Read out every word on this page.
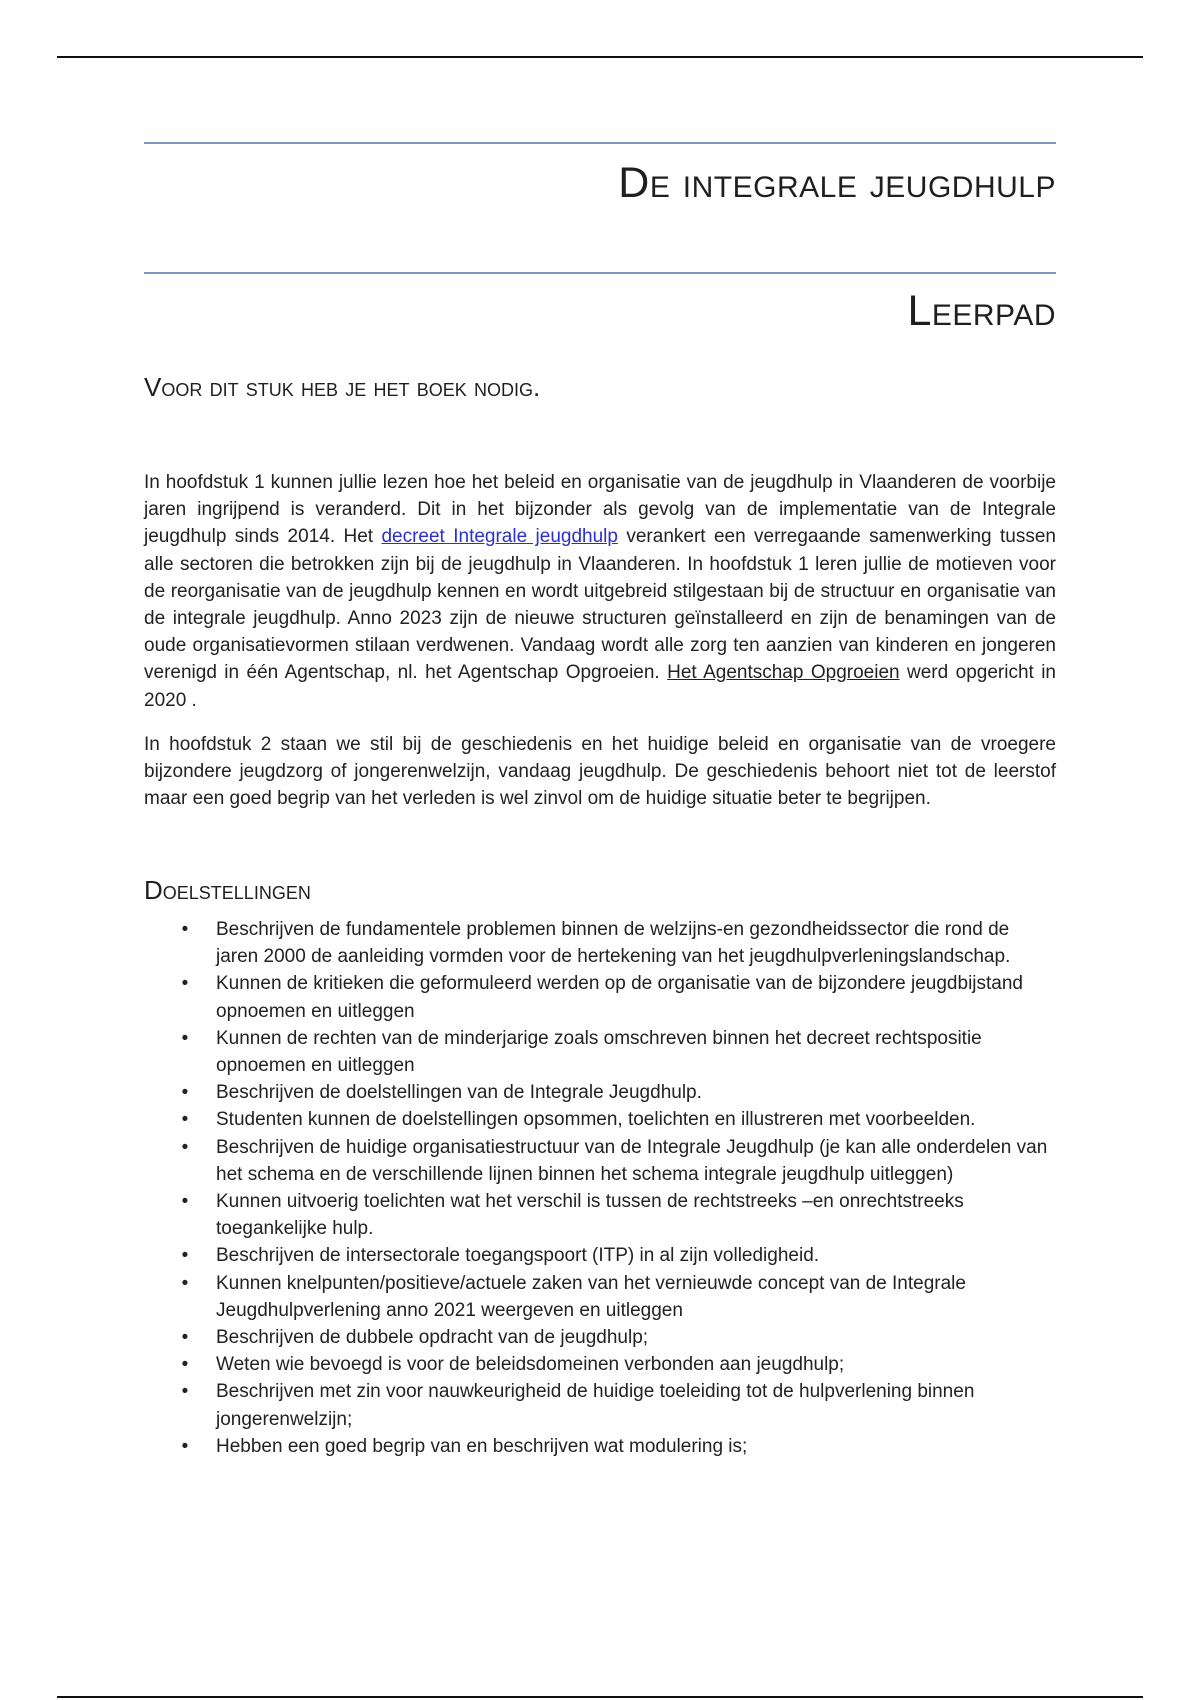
De integrale jeugdhulp
Leerpad
Voor dit stuk heb je het boek nodig.

In hoofdstuk 1 kunnen jullie lezen hoe het beleid en organisatie van de jeugdhulp in Vlaanderen de voorbije jaren ingrijpend is veranderd. Dit in het bijzonder als gevolg van de implementatie van de Integrale jeugdhulp sinds 2014. Het decreet Integrale jeugdhulp verankert een verregaande samenwerking tussen alle sectoren die betrokken zijn bij de jeugdhulp in Vlaanderen. In hoofdstuk 1 leren jullie de motieven voor de reorganisatie van de jeugdhulp kennen en wordt uitgebreid stilgestaan bij de structuur en organisatie van de integrale jeugdhulp. Anno 2023 zijn de nieuwe structuren geïnstalleerd en zijn de benamingen van de oude organisatievormen stilaan verdwenen. Vandaag wordt alle zorg ten aanzien van kinderen en jongeren verenigd in één Agentschap, nl. het Agentschap Opgroeien. Het Agentschap Opgroeien werd opgericht in 2020 .

In hoofdstuk 2 staan we stil bij de geschiedenis en het huidige beleid en organisatie van de vroegere bijzondere jeugdzorg of jongerenwelzijn, vandaag jeugdhulp. De geschiedenis behoort niet tot de leerstof maar een goed begrip van het verleden is wel zinvol om de huidige situatie beter te begrijpen.

Doelstellingen
• Beschrijven de fundamentele problemen binnen de welzijns-en gezondheidssector die rond de jaren 2000 de aanleiding vormden voor de hertekening van het jeugdhulpverleningslandschap.
• Kunnen de kritieken die geformuleerd werden op de organisatie van de bijzondere jeugdbijstand opnoemen en uitleggen
• Kunnen de rechten van de minderjarige zoals omschreven binnen het decreet rechtspositie opnoemen en uitleggen
• Beschrijven de doelstellingen van de Integrale Jeugdhulp.
• Studenten kunnen de doelstellingen opsommen, toelichten en illustreren met voorbeelden.
• Beschrijven de huidige organisatiestructuur van de Integrale Jeugdhulp (je kan alle onderdelen van het schema en de verschillende lijnen binnen het schema integrale jeugdhulp uitleggen)
• Kunnen uitvoerig toelichten wat het verschil is tussen de rechtstreeks –en onrechtstreeks toegankelijke hulp.
• Beschrijven de intersectorale toegangspoort (ITP) in al zijn volledigheid.
• Kunnen knelpunten/positieve/actuele zaken van het vernieuwde concept van de Integrale Jeugdhulpverlening anno 2021 weergeven en uitleggen
• Beschrijven de dubbele opdracht van de jeugdhulp;
• Weten wie bevoegd is voor de beleidsdomeinen verbonden aan jeugdhulp;
• Beschrijven met zin voor nauwkeurigheid de huidige toeleiding tot de hulpverlening binnen jongerenwelzijn;
• Hebben een goed begrip van en beschrijven wat modulering is;
